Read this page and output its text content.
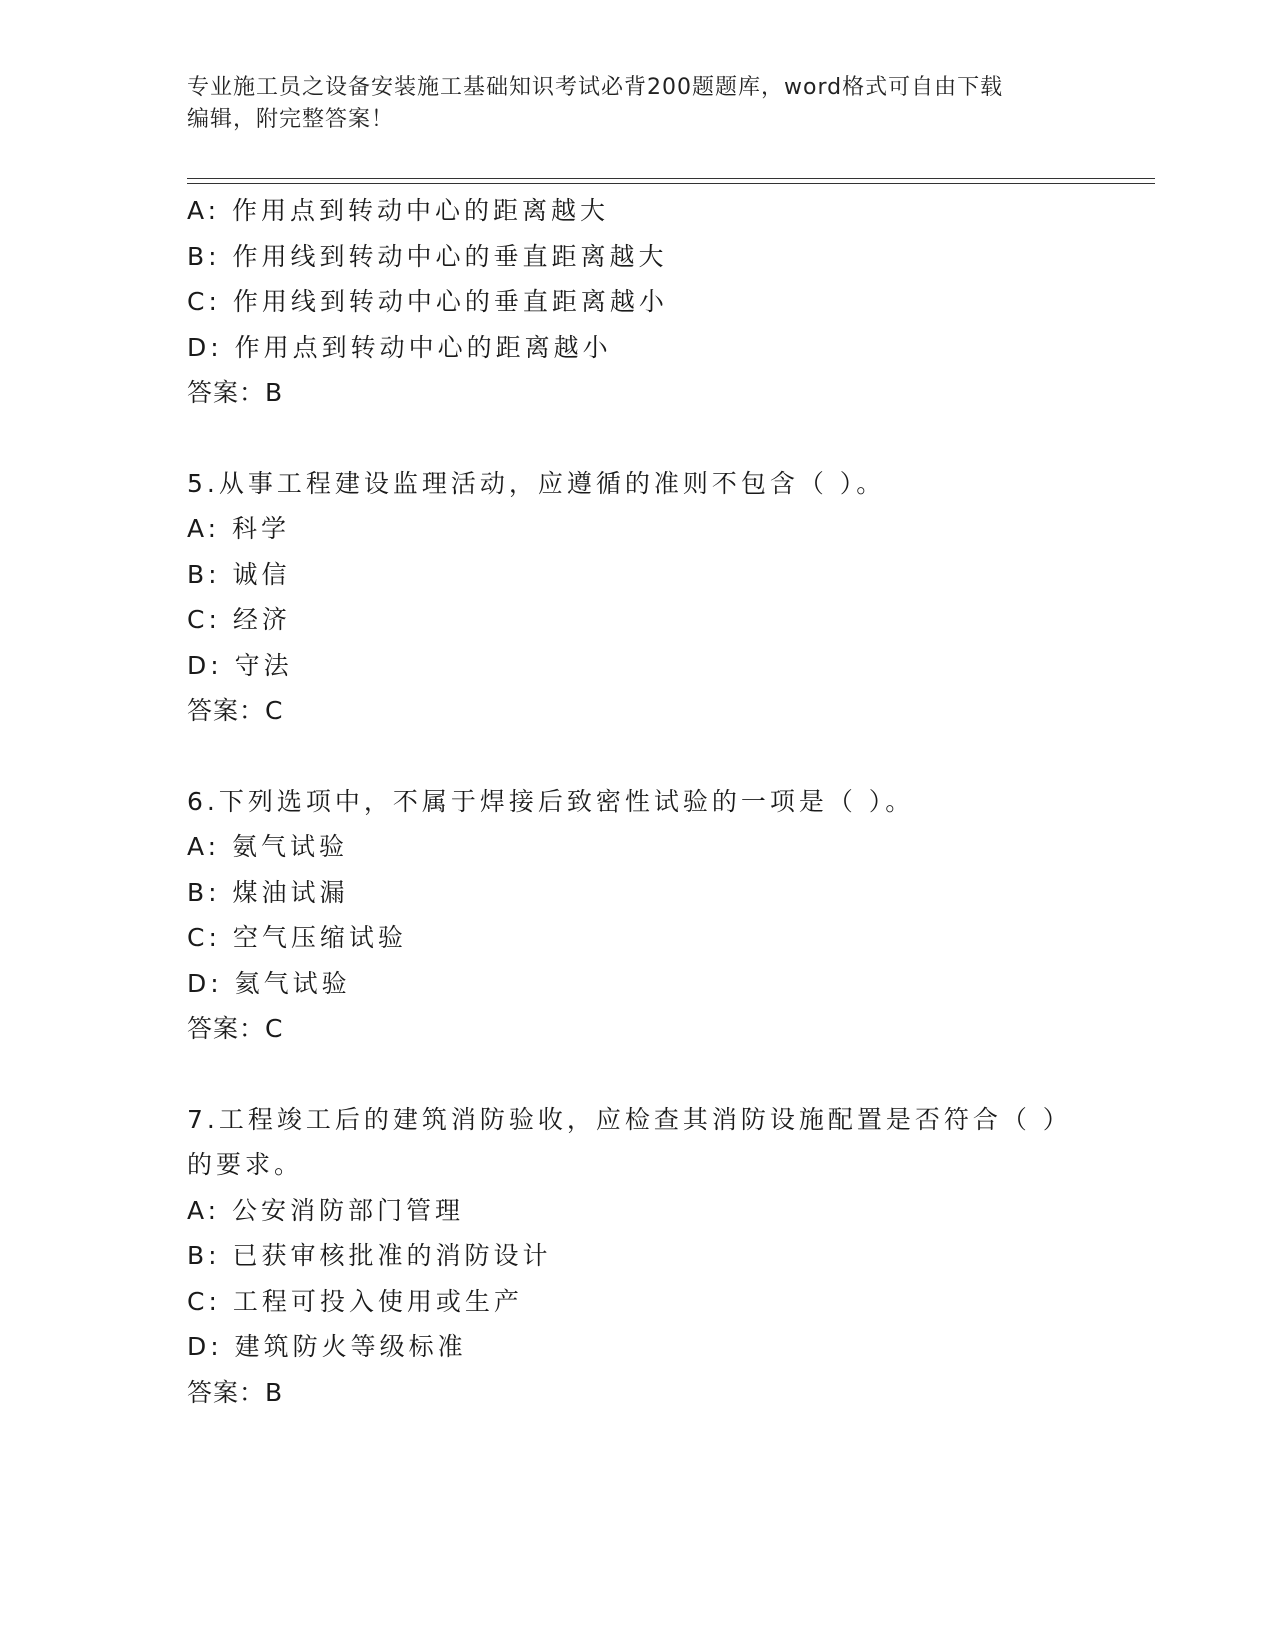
专业施工员之设备安装施工基础知识考试必背200题题库，word格式可自由下载
编辑，附完整答案！
A: 作用点到转动中心的距离越大
B: 作用线到转动中心的垂直距离越大
C: 作用线到转动中心的垂直距离越小
D: 作用点到转动中心的距离越小
答案：B
5.从事工程建设监理活动，应遵循的准则不包含（ ）。
A: 科学
B: 诚信
C: 经济
D: 守法
答案：C
6.下列选项中，不属于焊接后致密性试验的一项是（ ）。
A: 氨气试验
B: 煤油试漏
C: 空气压缩试验
D: 氦气试验
答案：C
7.工程竣工后的建筑消防验收，应检查其消防设施配置是否符合（ ）
的要求。
A: 公安消防部门管理
B: 已获审核批准的消防设计
C: 工程可投入使用或生产
D: 建筑防火等级标准
答案：B
